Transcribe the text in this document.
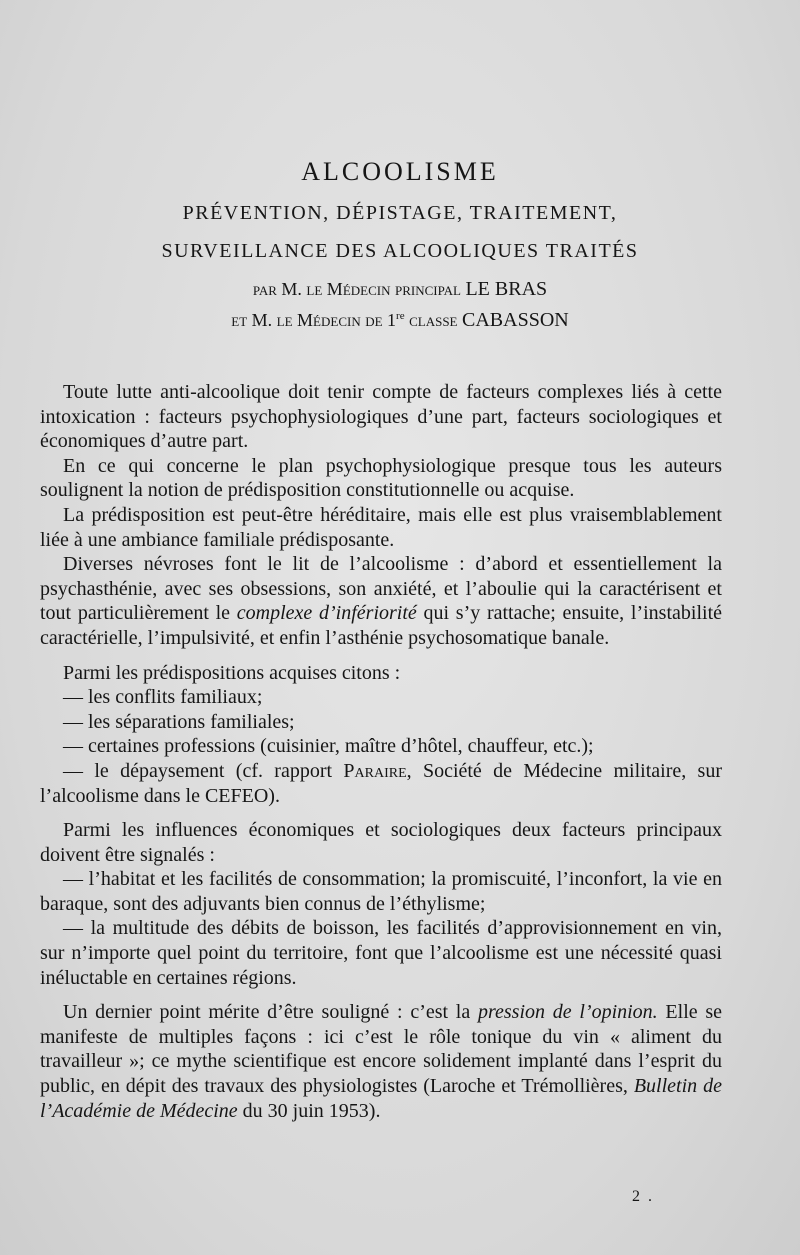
ALCOOLISME
PRÉVENTION, DÉPISTAGE, TRAITEMENT,
SURVEILLANCE DES ALCOOLIQUES TRAITÉS
par M. le Médecin principal LE BRAS
et M. le Médecin de 1re classe CABASSON

Toute lutte anti-alcoolique doit tenir compte de facteurs complexes liés à cette intoxication : facteurs psychophysiologiques d’une part, facteurs sociologiques et économiques d’autre part.

En ce qui concerne le plan psychophysiologique presque tous les auteurs soulignent la notion de prédisposition constitutionnelle ou acquise.

La prédisposition est peut-être héréditaire, mais elle est plus vraisemblablement liée à une ambiance familiale prédisposante.

Diverses névroses font le lit de l’alcoolisme : d’abord et essentiellement la psychasthénie, avec ses obsessions, son anxiété, et l’aboulie qui la caractérisent et tout particulièrement le complexe d’infériorité qui s’y rattache; ensuite, l’instabilité caractérielle, l’impulsivité, et enfin l’asthénie psychosomatique banale.

Parmi les prédispositions acquises citons :

— les conflits familiaux;

— les séparations familiales;

— certaines professions (cuisinier, maître d’hôtel, chauffeur, etc.);

— le dépaysement (cf. rapport Paraire, Société de Médecine militaire, sur l’alcoolisme dans le CEFEO).

Parmi les influences économiques et sociologiques deux facteurs principaux doivent être signalés :

— l’habitat et les facilités de consommation; la promiscuité, l’inconfort, la vie en baraque, sont des adjuvants bien connus de l’éthylisme;

— la multitude des débits de boisson, les facilités d’approvisionnement en vin, sur n’importe quel point du territoire, font que l’alcoolisme est une nécessité quasi inéluctable en certaines régions.

Un dernier point mérite d’être souligné : c’est la pression de l’opinion. Elle se manifeste de multiples façons : ici c’est le rôle tonique du vin « aliment du travailleur »; ce mythe scientifique est encore solidement implanté dans l’esprit du public, en dépit des travaux des physiologistes (Laroche et Trémollières, Bulletin de l’Académie de Médecine du 30 juin 1953).

2 .
